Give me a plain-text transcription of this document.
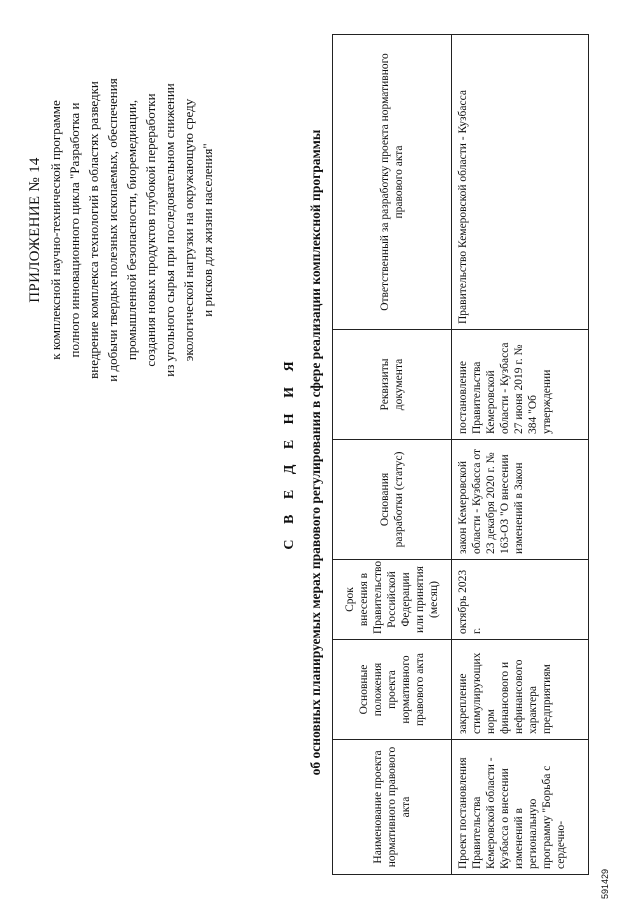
ПРИЛОЖЕНИЕ № 14 к комплексной научно-технической программе полного инновационного цикла "Разработка и внедрение комплекса технологий в областях разведки и добычи твердых полезных ископаемых, обеспечения промышленной безопасности, биоремедиации, создания новых продуктов глубокой переработки из угольного сырья при последовательном снижении экологической нагрузки на окружающую среду и рисков для жизни населения"
С В Е Д Е Н И Я об основных планируемых мерах правового регулирования в сфере реализации комплексной программы
Наименование проекта нормативного правового акта	Основные положения проекта нормативного правового акта	Срок внесения в Правительство Российской Федерации или принятия (месяц)	Основания разработки (статус)	Реквизиты документа	Ответственный за разработку проекта нормативного правового акта
Проект постановления Правительства Кемеровской области - Кузбасса о внесении изменений в региональную программу "Борьба с сердечно-	закрепление стимулирующих норм финансового и нефинансового характера предприятиям	октябрь 2023 г.	закон Кемеровской области - Кузбасса от 23 декабря 2020 г. № 163-ОЗ "О внесении изменений в Закон	постановление Правительства Кемеровской области - Кузбасса 27 июня 2019 г. № 384 "Об утверждении	Правительство Кемеровской области - Кузбасса
591429
